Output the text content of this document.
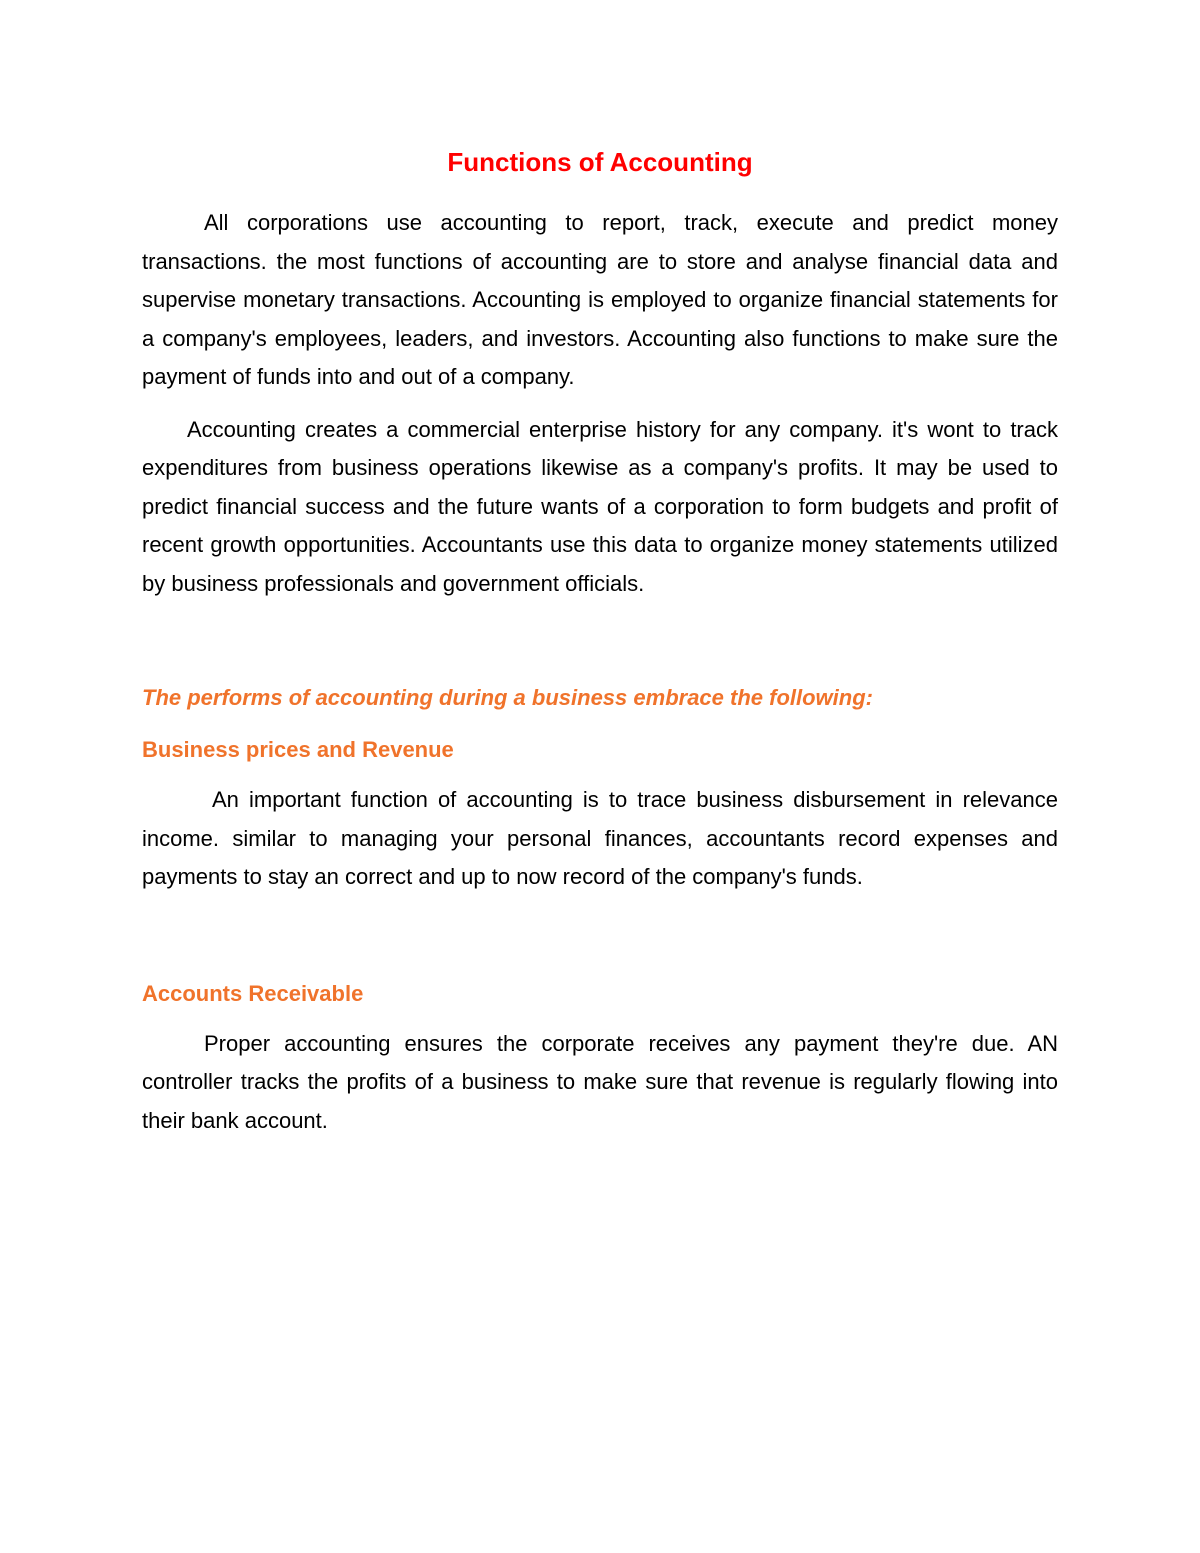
Functions of Accounting

All corporations use accounting to report, track, execute and predict money transactions. the most functions of accounting are to store and analyse financial data and supervise monetary transactions. Accounting is employed to organize financial statements for a company's employees, leaders, and investors. Accounting also functions to make sure the payment of funds into and out of a company.

Accounting creates a commercial enterprise history for any company. it's wont to track expenditures from business operations likewise as a company's profits. It may be used to predict financial success and the future wants of a corporation to form budgets and profit of recent growth opportunities. Accountants use this data to organize money statements utilized by business professionals and government officials.

The performs of accounting during a business embrace the following:
Business prices and Revenue

An important function of accounting is to trace business disbursement in relevance income. similar to managing your personal finances, accountants record expenses and payments to stay an correct and up to now record of the company's funds.

Accounts Receivable

Proper accounting ensures the corporate receives any payment they're due. AN controller tracks the profits of a business to make sure that revenue is regularly flowing into their bank account.
